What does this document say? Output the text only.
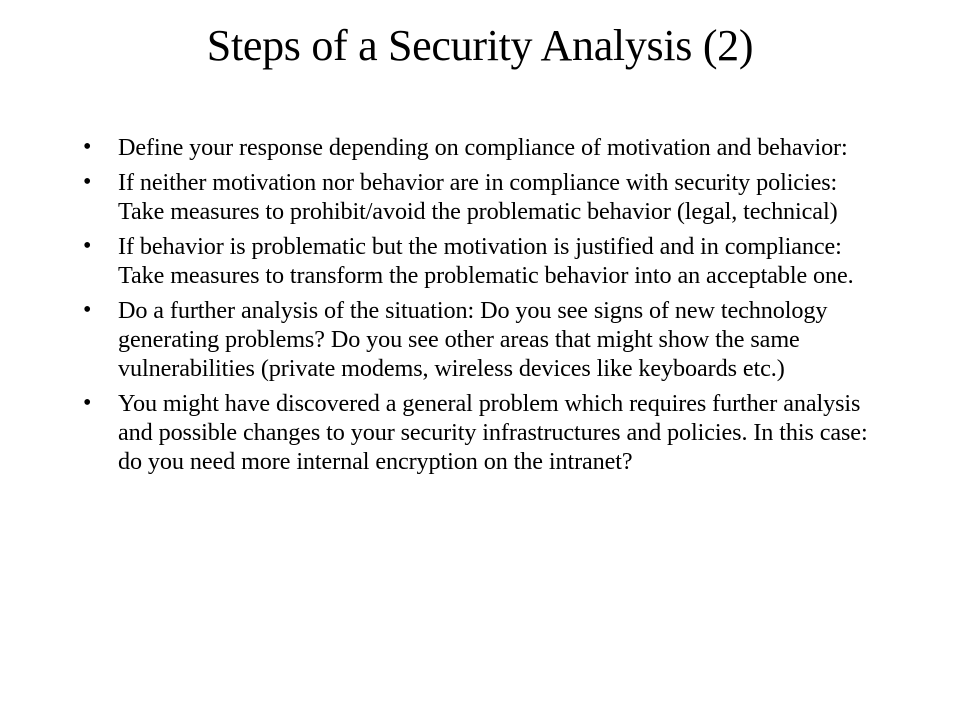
Steps of a Security Analysis (2)
• Define your response depending on compliance of motivation and behavior:
• If neither motivation nor behavior are in compliance with security policies: Take measures to prohibit/avoid the problematic behavior (legal, technical)
• If behavior is problematic but the motivation is justified and in compliance: Take measures to transform the problematic behavior into an acceptable one.
• Do a further analysis of the situation: Do you see signs of new technology generating problems? Do you see other areas that might show the same vulnerabilities (private modems, wireless devices like keyboards etc.)
• You might have discovered a general problem which requires further analysis and possible changes to your security infrastructures and policies. In this case: do you need more internal encryption on the intranet?
